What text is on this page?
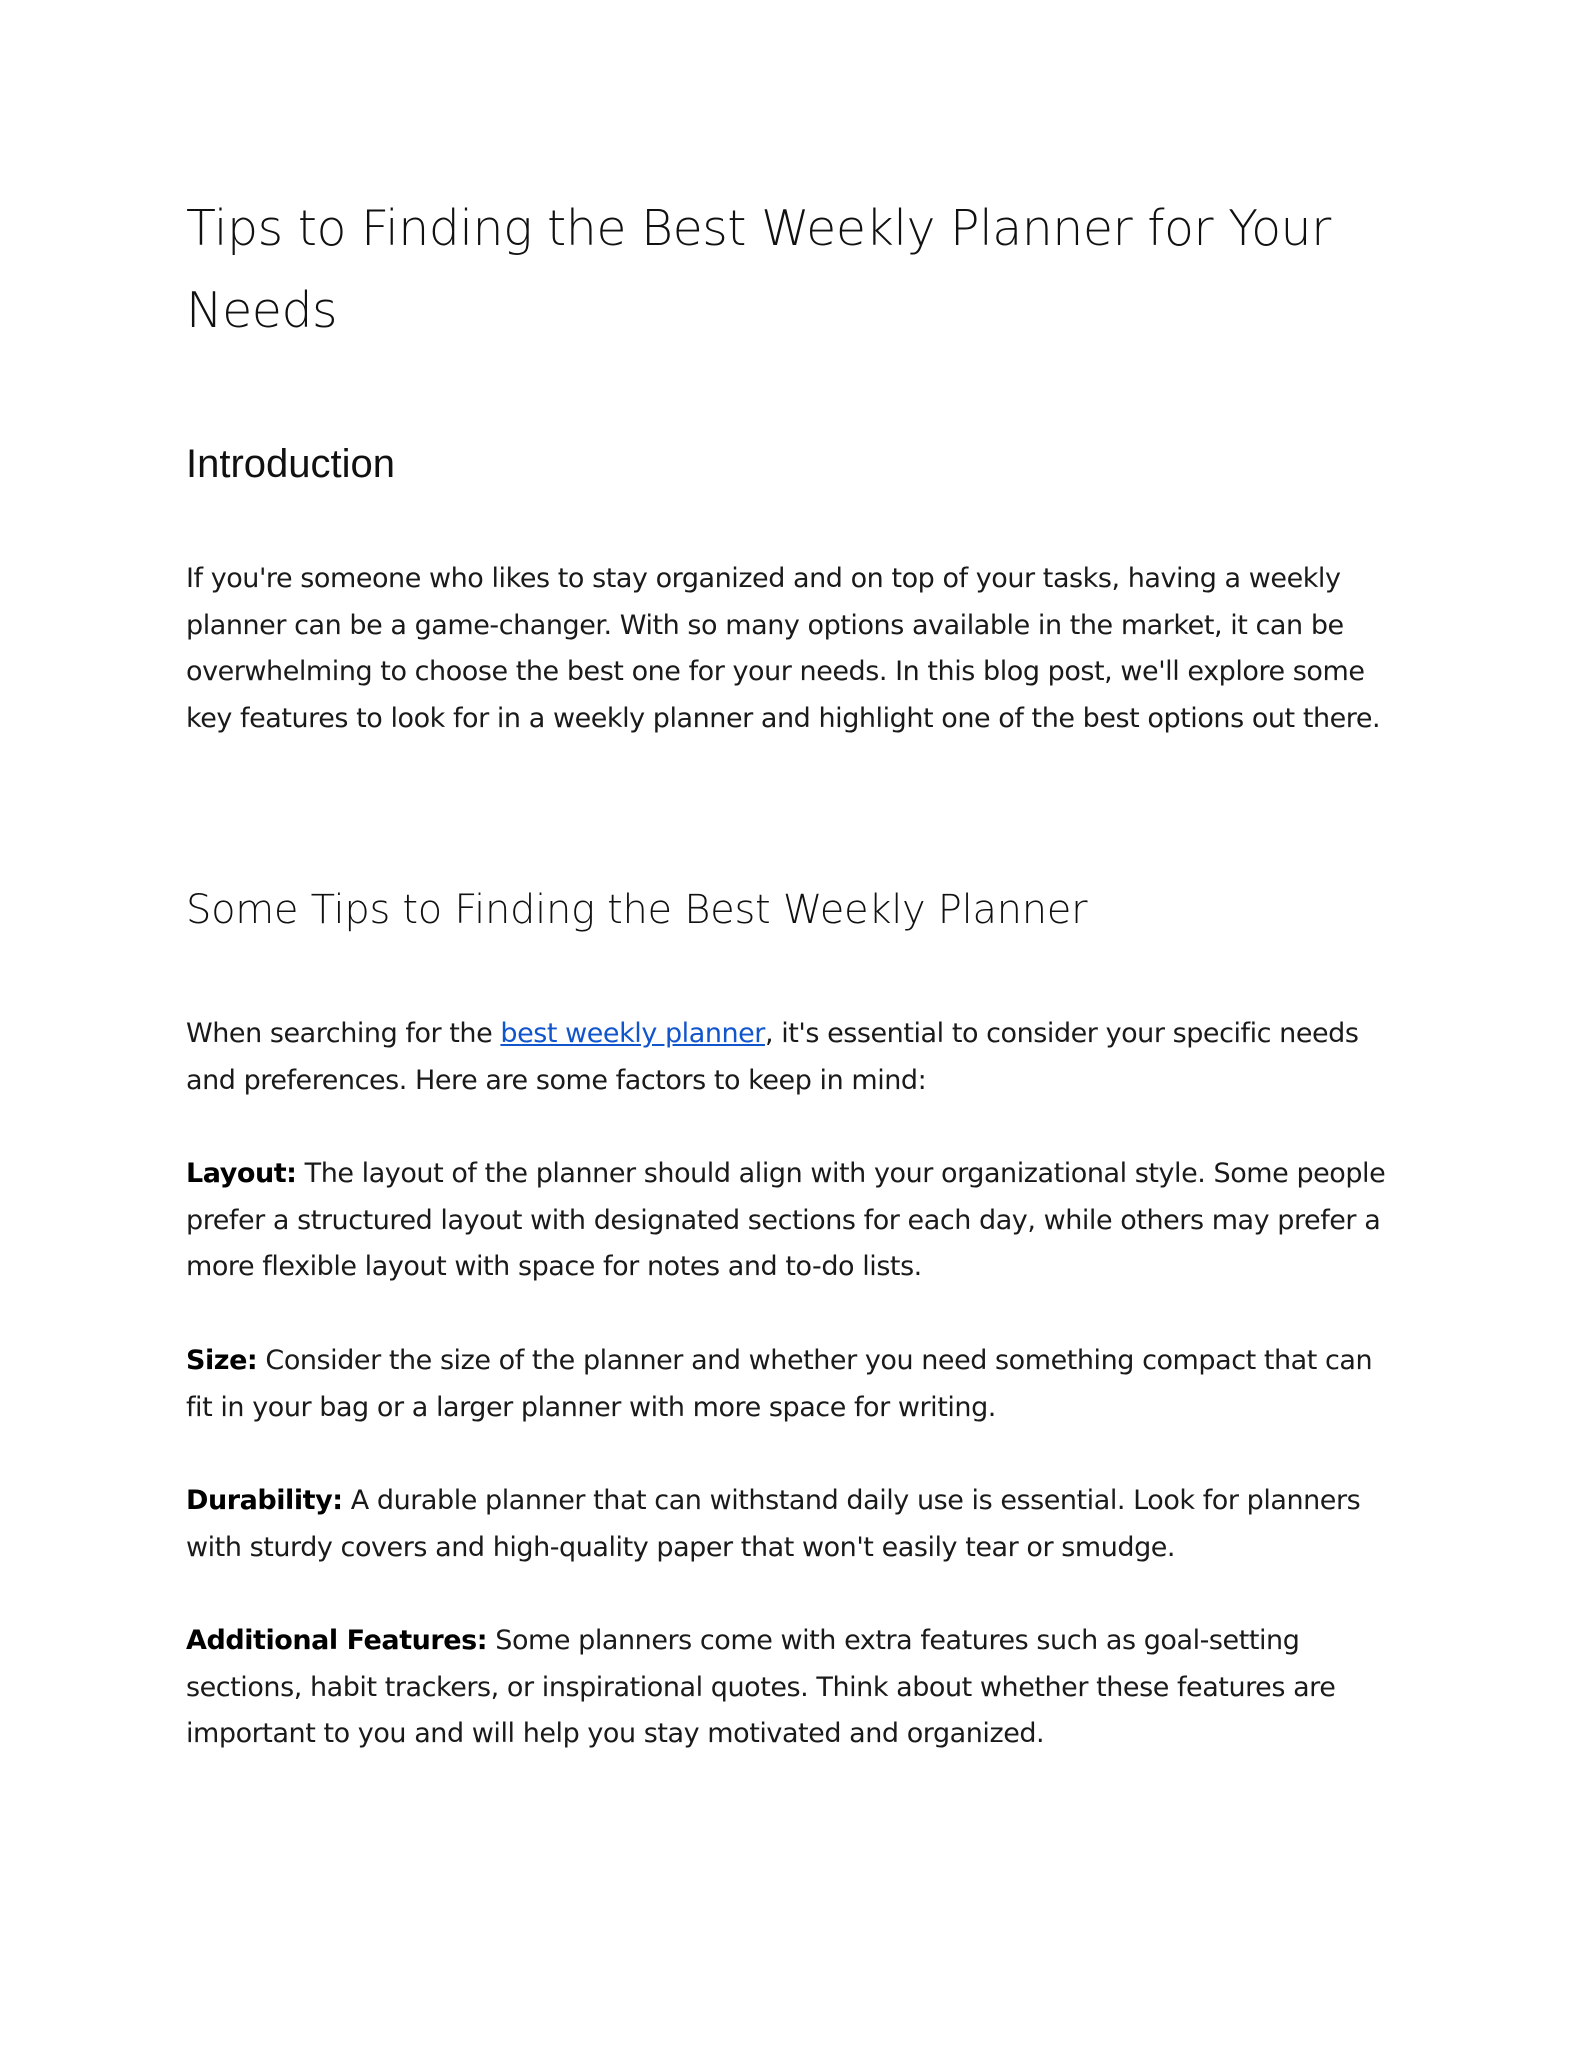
Tips to Finding the Best Weekly Planner for Your Needs
Introduction

If you're someone who likes to stay organized and on top of your tasks, having a weekly planner can be a game-changer. With so many options available in the market, it can be overwhelming to choose the best one for your needs. In this blog post, we'll explore some key features to look for in a weekly planner and highlight one of the best options out there.

Some Tips to Finding the Best Weekly Planner

When searching for the best weekly planner, it's essential to consider your specific needs and preferences. Here are some factors to keep in mind:

Layout: The layout of the planner should align with your organizational style. Some people prefer a structured layout with designated sections for each day, while others may prefer a more flexible layout with space for notes and to-do lists.

Size: Consider the size of the planner and whether you need something compact that can fit in your bag or a larger planner with more space for writing.

Durability: A durable planner that can withstand daily use is essential. Look for planners with sturdy covers and high-quality paper that won't easily tear or smudge.

Additional Features: Some planners come with extra features such as goal-setting sections, habit trackers, or inspirational quotes. Think about whether these features are important to you and will help you stay motivated and organized.
